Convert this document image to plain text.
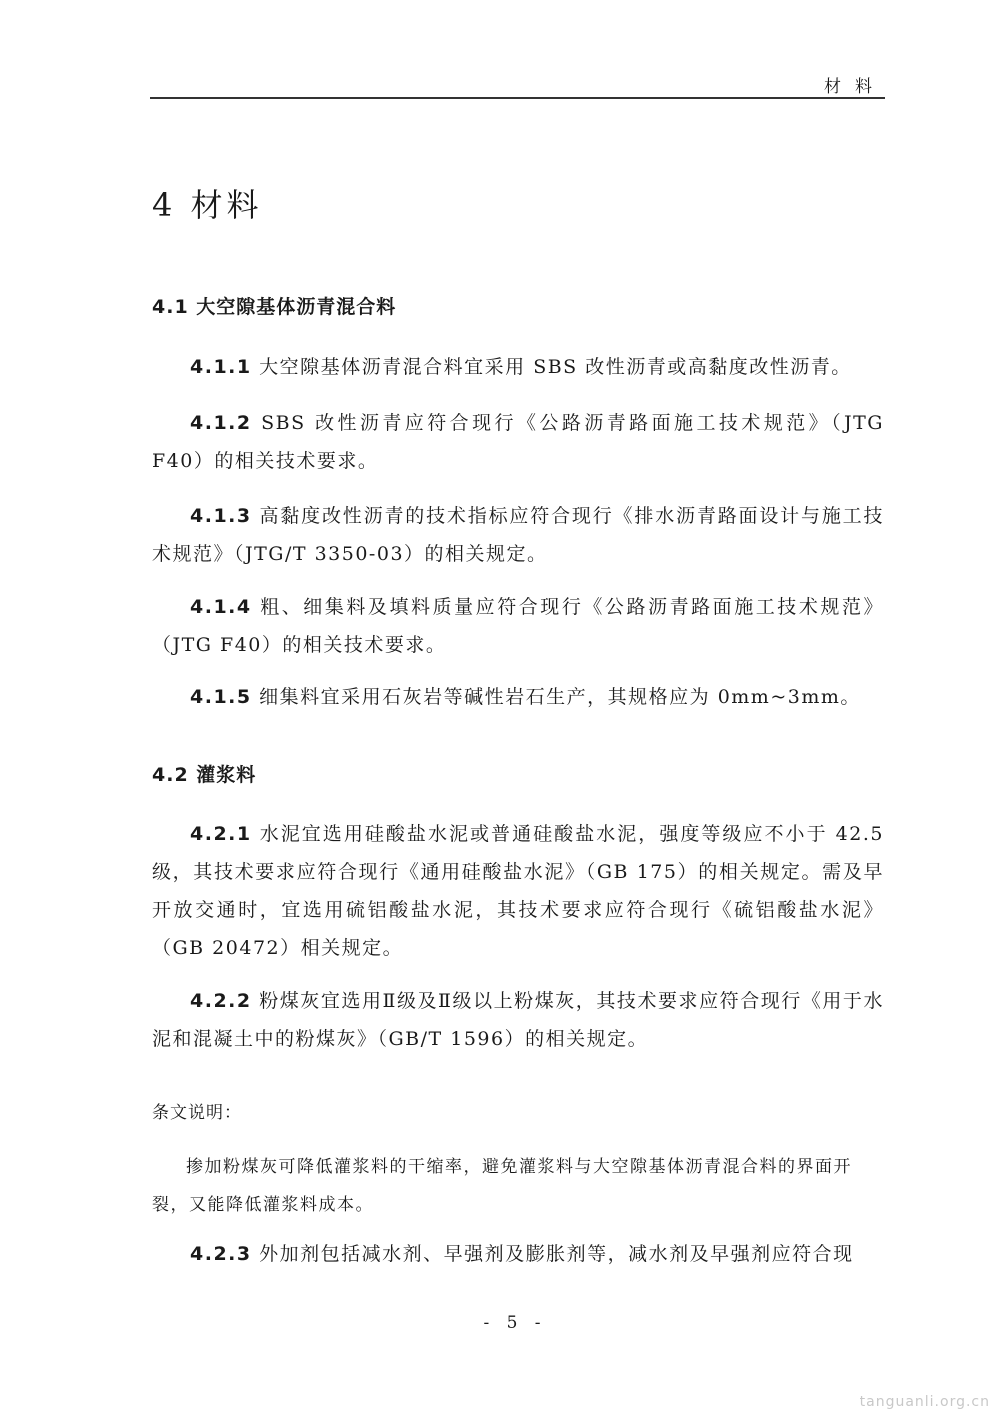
材料
4 材料
4.1 大空隙基体沥青混合料
4.1.1 大空隙基体沥青混合料宜采用 SBS 改性沥青或高黏度改性沥青。
4.1.2 SBS 改性沥青应符合现行《公路沥青路面施工技术规范》（JTG F40）的相关技术要求。
4.1.3 高黏度改性沥青的技术指标应符合现行《排水沥青路面设计与施工技术规范》（JTG/T 3350-03）的相关规定。
4.1.4 粗、细集料及填料质量应符合现行《公路沥青路面施工技术规范》（JTG F40）的相关技术要求。
4.1.5 细集料宜采用石灰岩等碱性岩石生产，其规格应为 0mm~3mm。
4.2 灌浆料
4.2.1 水泥宜选用硅酸盐水泥或普通硅酸盐水泥，强度等级应不小于 42.5 级，其技术要求应符合现行《通用硅酸盐水泥》（GB 175）的相关规定。需及早开放交通时，宜选用硫铝酸盐水泥，其技术要求应符合现行《硫铝酸盐水泥》（GB 20472）相关规定。
4.2.2 粉煤灰宜选用Ⅱ级及Ⅱ级以上粉煤灰，其技术要求应符合现行《用于水泥和混凝土中的粉煤灰》（GB/T 1596）的相关规定。
条文说明：
掺加粉煤灰可降低灌浆料的干缩率，避免灌浆料与大空隙基体沥青混合料的界面开裂，又能降低灌浆料成本。
4.2.3 外加剂包括减水剂、早强剂及膨胀剂等，减水剂及早强剂应符合现
- 5 -
tanguanli.org.cn
